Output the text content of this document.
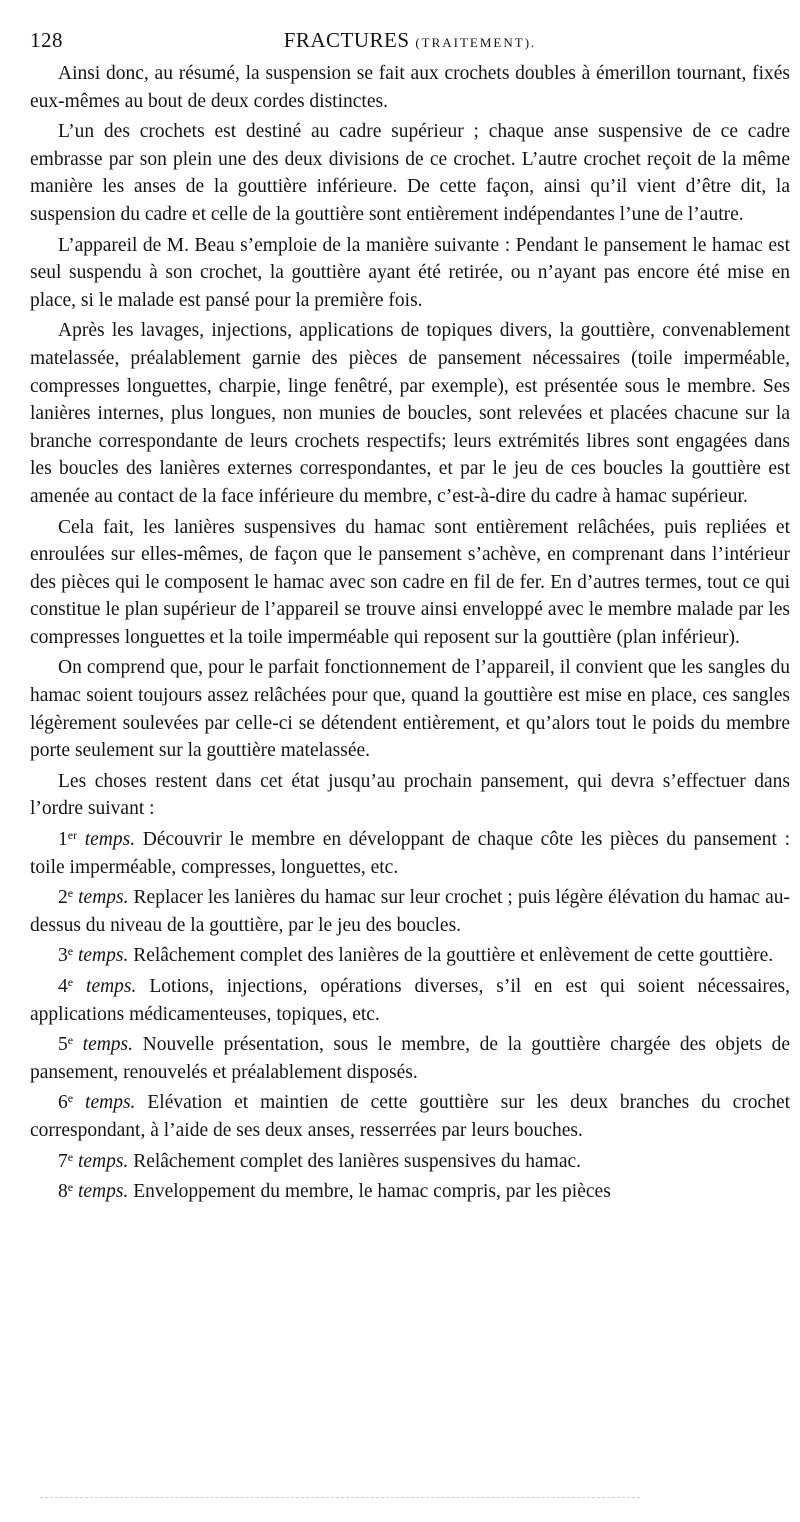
128	FRACTURES (TRAITEMENT).

Ainsi donc, au résumé, la suspension se fait aux crochets doubles à émerillon tournant, fixés eux-mêmes au bout de deux cordes distinctes.

L’un des crochets est destiné au cadre supérieur ; chaque anse suspensive de ce cadre embrasse par son plein une des deux divisions de ce crochet. L’autre crochet reçoit de la même manière les anses de la gouttière inférieure. De cette façon, ainsi qu’il vient d’être dit, la suspension du cadre et celle de la gouttière sont entièrement indépendantes l’une de l’autre.

L’appareil de M. Beau s’emploie de la manière suivante : Pendant le pansement le hamac est seul suspendu à son crochet, la gouttière ayant été retirée, ou n’ayant pas encore été mise en place, si le malade est pansé pour la première fois.

Après les lavages, injections, applications de topiques divers, la gouttière, convenablement matelassée, préalablement garnie des pièces de pansement nécessaires (toile imperméable, compresses longuettes, charpie, linge fenêtré, par exemple), est présentée sous le membre. Ses lanières internes, plus longues, non munies de boucles, sont relevées et placées chacune sur la branche correspondante de leurs crochets respectifs; leurs extrémités libres sont engagées dans les boucles des lanières externes correspondantes, et par le jeu de ces boucles la gouttière est amenée au contact de la face inférieure du membre, c’est-à-dire du cadre à hamac supérieur.

Cela fait, les lanières suspensives du hamac sont entièrement relâchées, puis repliées et enroulées sur elles-mêmes, de façon que le pansement s’achève, en comprenant dans l’intérieur des pièces qui le composent le hamac avec son cadre en fil de fer. En d’autres termes, tout ce qui constitue le plan supérieur de l’appareil se trouve ainsi enveloppé avec le membre malade par les compresses longuettes et la toile imperméable qui reposent sur la gouttière (plan inférieur).

On comprend que, pour le parfait fonctionnement de l’appareil, il convient que les sangles du hamac soient toujours assez relâchées pour que, quand la gouttière est mise en place, ces sangles légèrement soulevées par celle-ci se détendent entièrement, et qu’alors tout le poids du membre porte seulement sur la gouttière matelassée.

Les choses restent dans cet état jusqu’au prochain pansement, qui devra s’effectuer dans l’ordre suivant :

1er temps. Découvrir le membre en développant de chaque côte les pièces du pansement : toile imperméable, compresses, longuettes, etc.

2e temps. Replacer les lanières du hamac sur leur crochet ; puis légère élévation du hamac au-dessus du niveau de la gouttière, par le jeu des boucles.

3e temps. Relâchement complet des lanières de la gouttière et enlèvement de cette gouttière.

4e temps. Lotions, injections, opérations diverses, s’il en est qui soient nécessaires, applications médicamenteuses, topiques, etc.

5e temps. Nouvelle présentation, sous le membre, de la gouttière chargée des objets de pansement, renouvelés et préalablement disposés.

6e temps. Elévation et maintien de cette gouttière sur les deux branches du crochet correspondant, à l’aide de ses deux anses, resserrées par leurs bouches.

7e temps. Relâchement complet des lanières suspensives du hamac.

8e temps. Enveloppement du membre, le hamac compris, par les pièces
